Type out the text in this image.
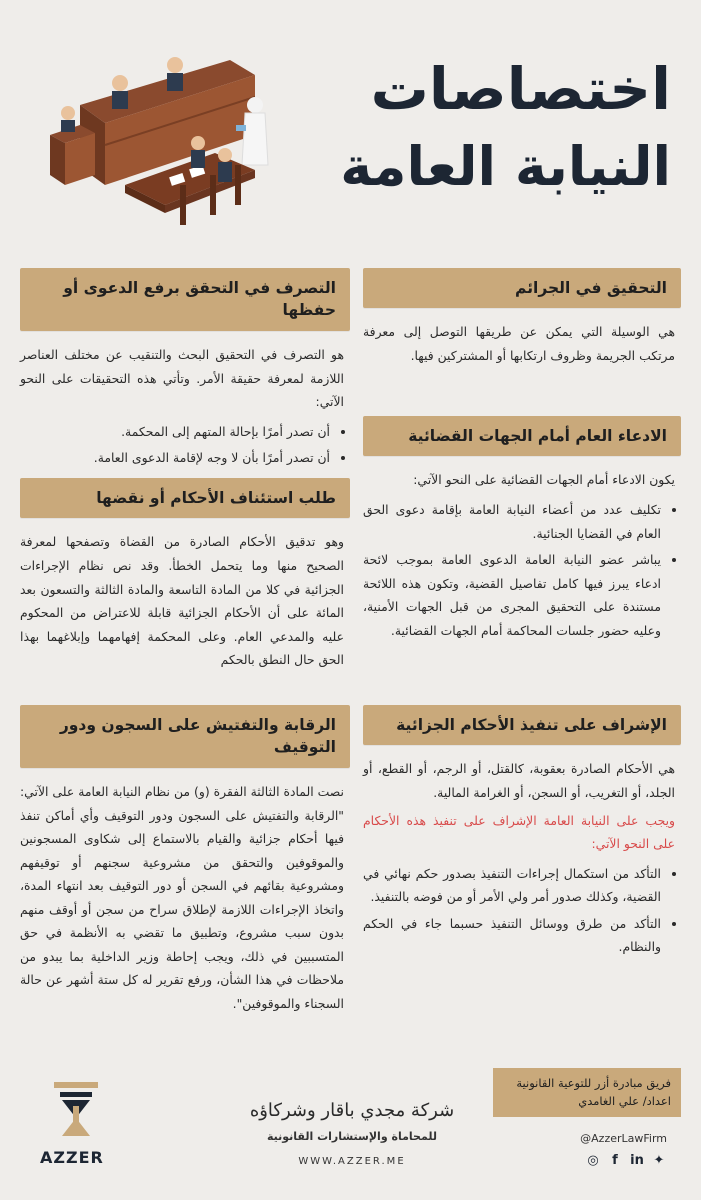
اختصاصات
النيابة العامة
التحقيق في الجرائم
هي الوسيلة التي يمكن عن طريقها التوصل إلى معرفة مرتكب الجريمة وظروف ارتكابها أو المشتركين فيها.
الادعاء العام أمام الجهات القضائية
يكون الادعاء أمام الجهات القضائية على النحو الآتي:
• تكليف عدد من أعضاء النيابة العامة بإقامة دعوى الحق العام في القضايا الجنائية.
• يباشر عضو النيابة العامة الدعوى العامة بموجب لائحة ادعاء يبرز فيها كامل تفاصيل القضية، وتكون هذه اللائحة مستندة على التحقيق المجرى من قبل الجهات الأمنية، وعليه حضور جلسات المحاكمة أمام الجهات القضائية.
الإشراف على تنفيذ الأحكام الجزائية
هي الأحكام الصادرة بعقوبة، كالقتل، أو الرجم، أو القطع، أو الجلد، أو التغريب، أو السجن، أو الغرامة المالية.
ويجب على النيابة العامة الإشراف على تنفيذ هذه الأحكام على النحو الآتي:
• التأكد من استكمال إجراءات التنفيذ بصدور حكم نهائي في القضية، وكذلك صدور أمر ولي الأمر أو من فوضه بالتنفيذ.
• التأكد من طرق ووسائل التنفيذ حسبما جاء في الحكم والنظام.
التصرف في التحقق برفع الدعوى أو حفظها
هو التصرف في التحقيق البحث والتنقيب عن مختلف العناصر اللازمة لمعرفة حقيقة الأمر. وتأتي هذه التحقيقات على النحو الآتي:
• أن تصدر أمرًا بإحالة المتهم إلى المحكمة.
• أن تصدر أمرًا بأن لا وجه لإقامة الدعوى العامة.
طلب استئناف الأحكام أو نقضها
وهو تدقيق الأحكام الصادرة من القضاة وتصفحها لمعرفة الصحيح منها وما يتحمل الخطأ. وقد نص نظام الإجراءات الجزائية في كلا من المادة التاسعة والمادة الثالثة والتسعون بعد المائة على أن الأحكام الجزائية قابلة للاعتراض من المحكوم عليه والمدعي العام. وعلى المحكمة إفهامهما وإبلاغهما بهذا الحق حال النطق بالحكم
الرقابة والتفتيش على السجون ودور التوقيف
نصت المادة الثالثة الفقرة (و) من نظام النيابة العامة على الآتي: "الرقابة والتفتيش على السجون ودور التوقيف وأي أماكن تنفذ فيها أحكام جزائية والقيام بالاستماع إلى شكاوى المسجونين والموقوفين والتحقق من مشروعية سجنهم أو توقيفهم ومشروعية بقائهم في السجن أو دور التوقيف بعد انتهاء المدة، واتخاذ الإجراءات اللازمة لإطلاق سراح من سجن أو أوقف منهم بدون سبب مشروع، وتطبيق ما تقضي به الأنظمة في حق المتسببين في ذلك، ويجب إحاطة وزير الداخلية بما يبدو من ملاحظات في هذا الشأن، ورفع تقرير له كل ستة أشهر عن حالة السجناء والموقوفين".
فريق مبادرة أزر للتوعية القانونية
اعداد/ علي الغامدي
AZZER
شركة مجدي باقار وشركاؤه
للمحاماة والإستشارات القانونية
WWW.AZZER.ME
@AzzerLawFirm
◎	f in ✦
